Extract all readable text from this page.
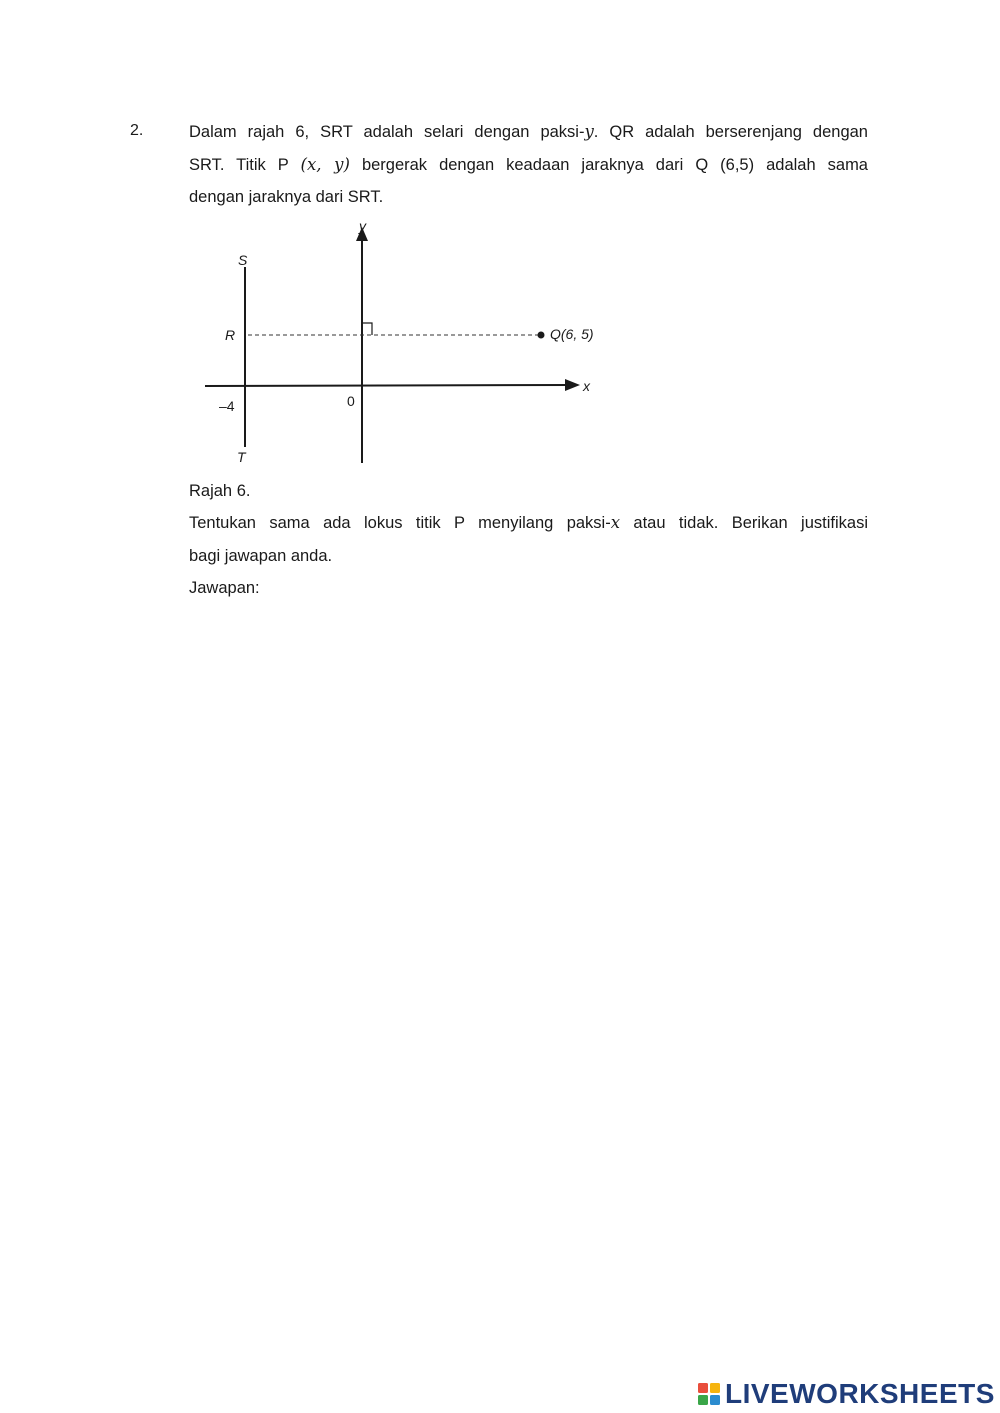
2.	Dalam rajah 6, SRT adalah selari dengan paksi-y. QR adalah berserenjang dengan
SRT. Titik P (x, y) bergerak dengan keadaan jaraknya dari Q (6,5) adalah sama
dengan jaraknya dari SRT.
y
x
S
R
T
0
–4
Q(6, 5)
Rajah 6.
Tentukan sama ada lokus titik P menyilang paksi-x atau tidak. Berikan justifikasi
bagi jawapan anda.
Jawapan:
LIVEWORKSHEETS
